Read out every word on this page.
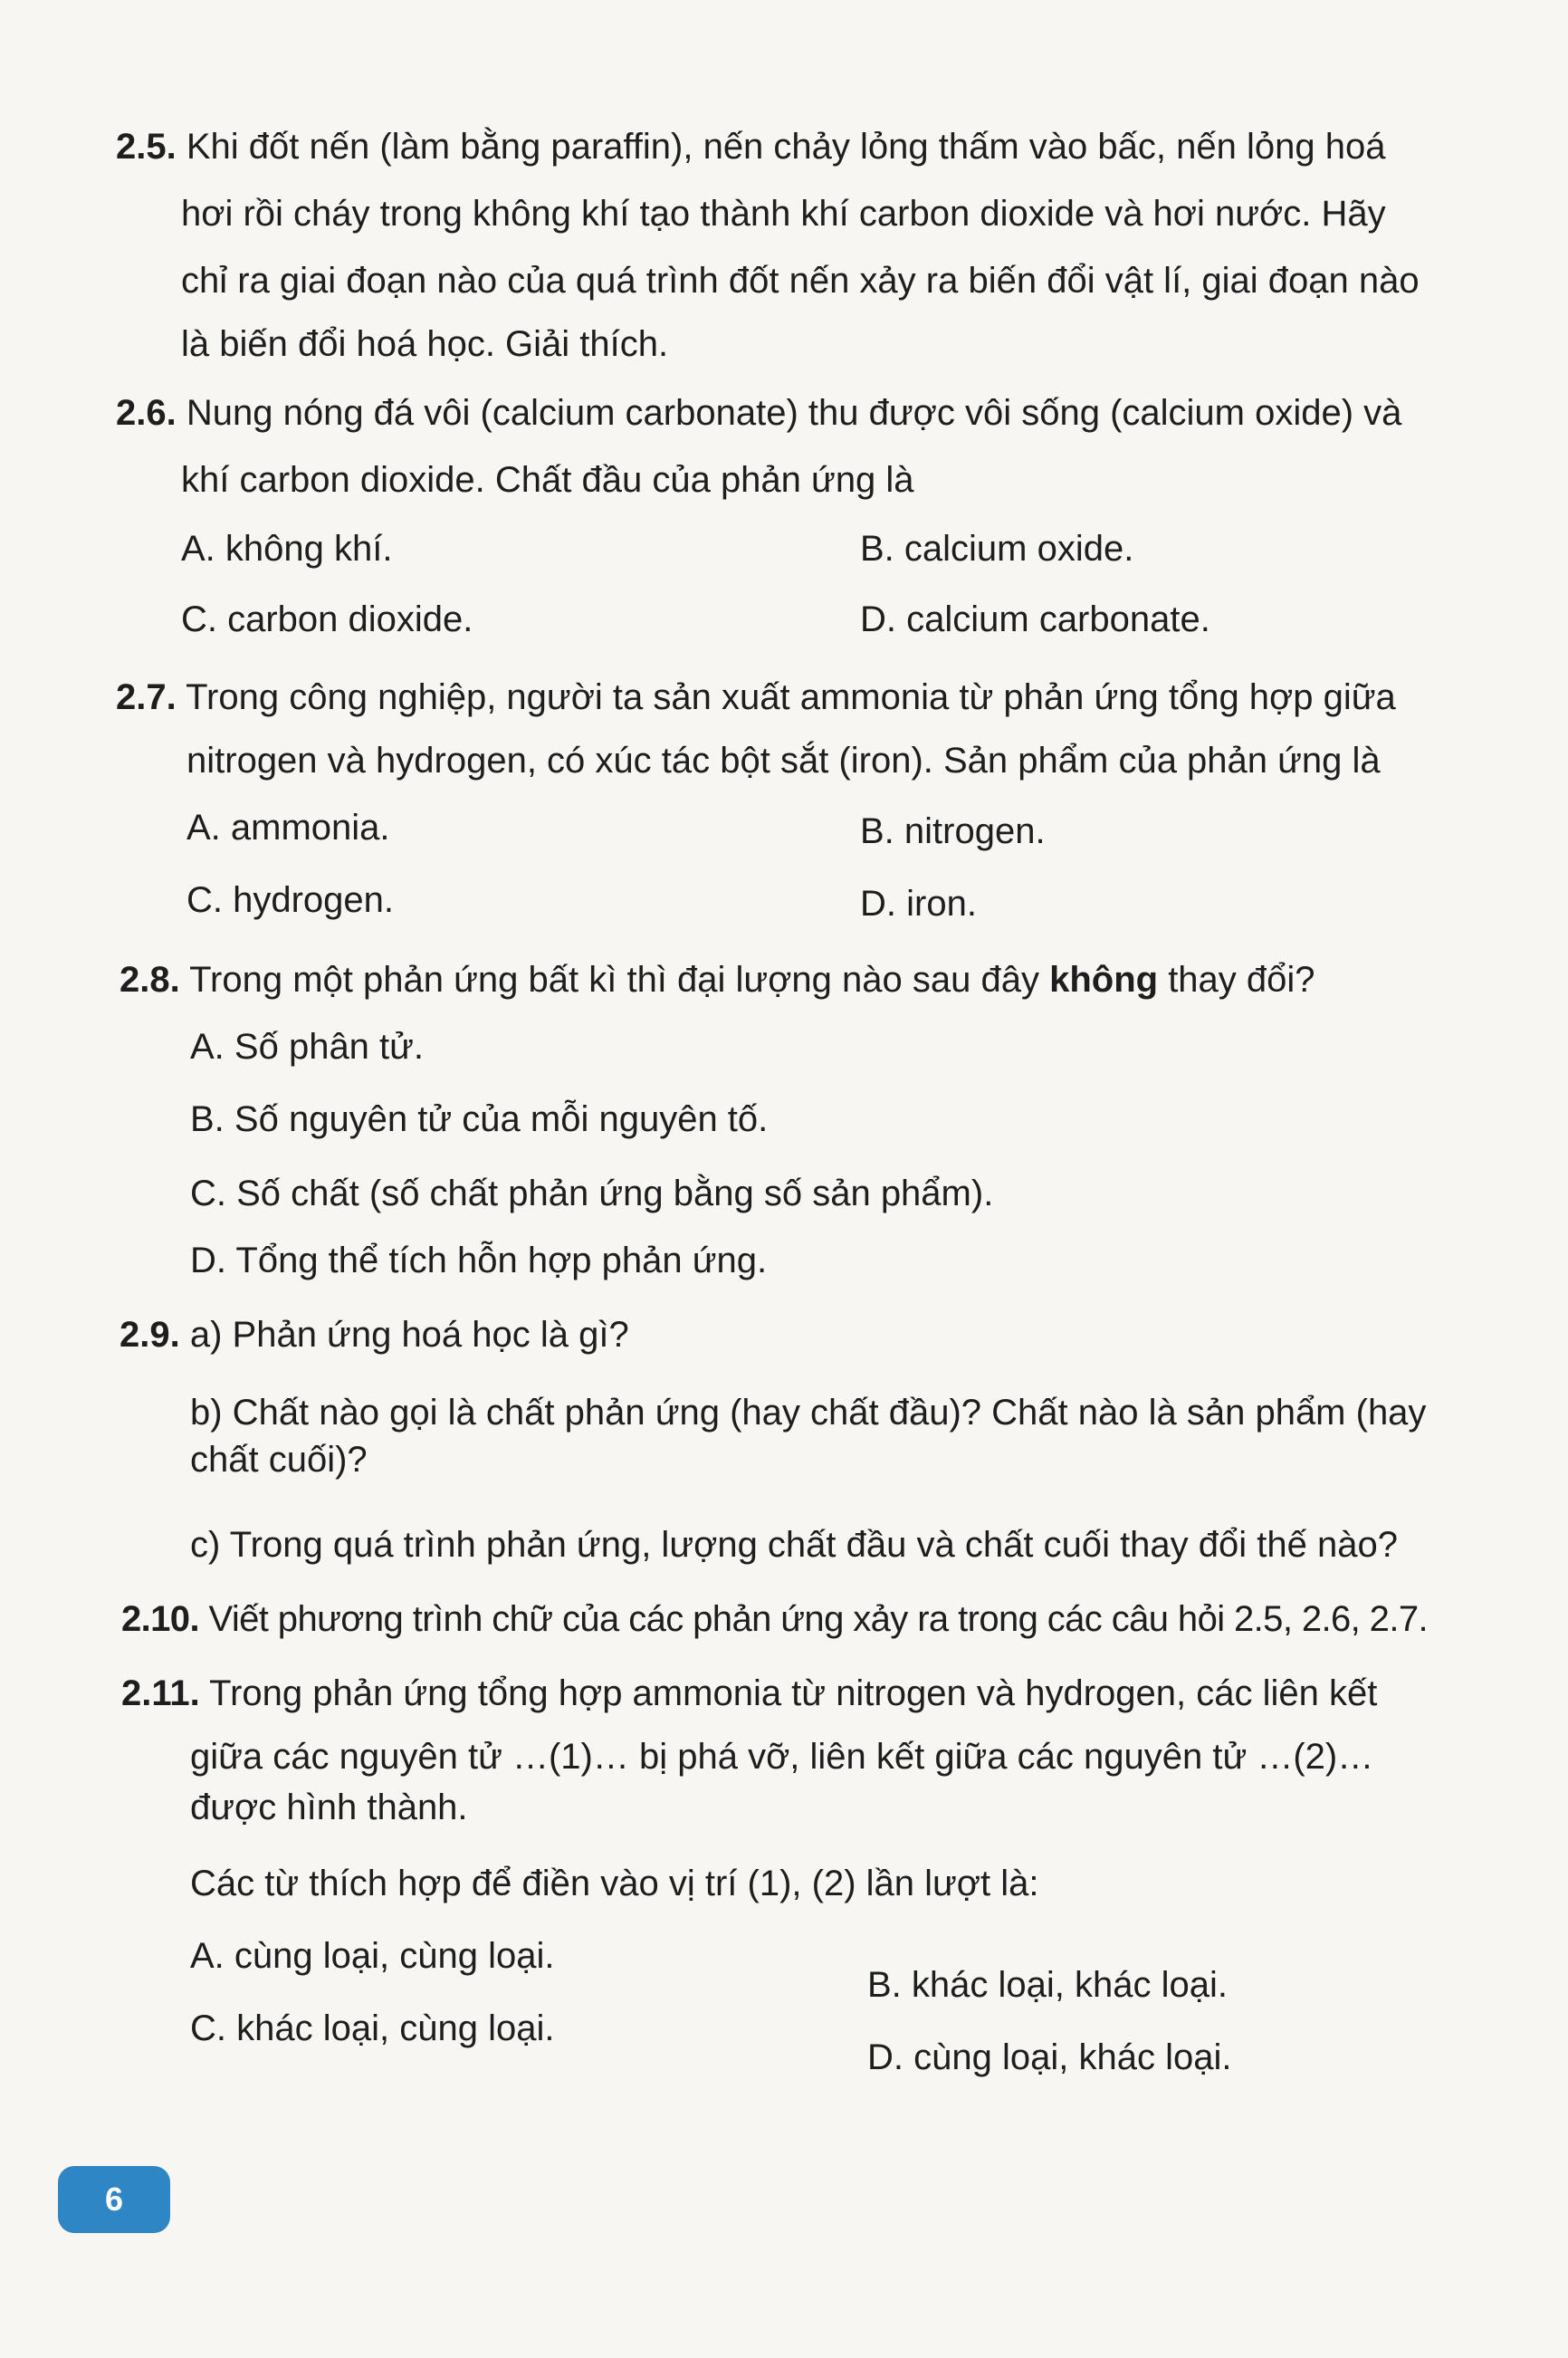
2.5. Khi đốt nến (làm bằng paraffin), nến chảy lỏng thấm vào bấc, nến lỏng hoá
hơi rồi cháy trong không khí tạo thành khí carbon dioxide và hơi nước. Hãy
chỉ ra giai đoạn nào của quá trình đốt nến xảy ra biến đổi vật lí, giai đoạn nào
là biến đổi hoá học. Giải thích.
2.6. Nung nóng đá vôi (calcium carbonate) thu được vôi sống (calcium oxide) và
khí carbon dioxide. Chất đầu của phản ứng là
A. không khí.	B. calcium oxide.
C. carbon dioxide.	D. calcium carbonate.
2.7. Trong công nghiệp, người ta sản xuất ammonia từ phản ứng tổng hợp giữa
nitrogen và hydrogen, có xúc tác bột sắt (iron). Sản phẩm của phản ứng là
A. ammonia.	B. nitrogen.
C. hydrogen.	D. iron.
2.8. Trong một phản ứng bất kì thì đại lượng nào sau đây không thay đổi?
A. Số phân tử.
B. Số nguyên tử của mỗi nguyên tố.
C. Số chất (số chất phản ứng bằng số sản phẩm).
D. Tổng thể tích hỗn hợp phản ứng.
2.9. a) Phản ứng hoá học là gì?
b) Chất nào gọi là chất phản ứng (hay chất đầu)? Chất nào là sản phẩm (hay
chất cuối)?
c) Trong quá trình phản ứng, lượng chất đầu và chất cuối thay đổi thế nào?
2.10. Viết phương trình chữ của các phản ứng xảy ra trong các câu hỏi 2.5, 2.6, 2.7.
2.11. Trong phản ứng tổng hợp ammonia từ nitrogen và hydrogen, các liên kết
giữa các nguyên tử …(1)… bị phá vỡ, liên kết giữa các nguyên tử …(2)…
được hình thành.
Các từ thích hợp để điền vào vị trí (1), (2) lần lượt là:
A. cùng loại, cùng loại.
B. khác loại, khác loại.
C. khác loại, cùng loại.
D. cùng loại, khác loại.
6
